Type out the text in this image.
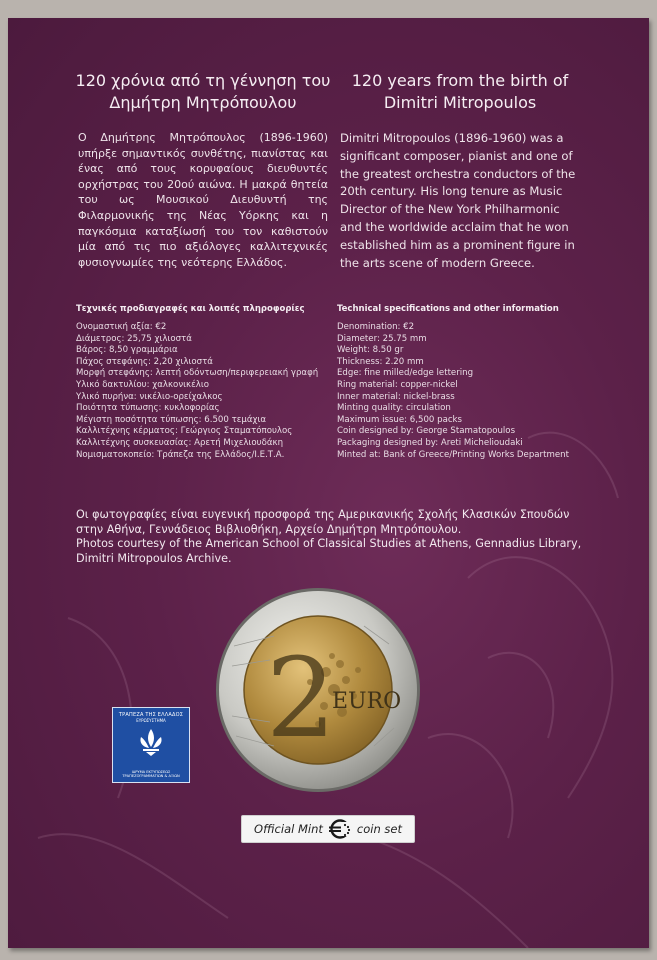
120 χρόνια από τη γέννηση του
Δημήτρη Μητρόπουλου
120 years from the birth of
Dimitri Mitropoulos
Ο Δημήτρης Μητρόπουλος (1896-1960) υπήρξε σημαντικός συνθέτης, πιανίστας και ένας από τους κορυφαίους διευθυντές ορχήστρας του 20ού αιώνα. Η μακρά θητεία του ως Μουσικού Διευθυντή της Φιλαρμονικής της Νέας Υόρκης και η παγκόσμια καταξίωσή του τον καθιστούν μία από τις πιο αξιόλογες καλλιτεχνικές φυσιογνωμίες της νεότερης Ελλάδος.
Dimitri Mitropoulos (1896-1960) was a significant composer, pianist and one of the greatest orchestra conductors of the 20th century. His long tenure as Music Director of the New York Philharmonic and the worldwide acclaim that he won established him as a prominent figure in the arts scene of modern Greece.
Τεχνικές προδιαγραφές και λοιπές πληροφορίες
Ονομαστική αξία: €2
Διάμετρος: 25,75 χιλιοστά
Βάρος: 8,50 γραμμάρια
Πάχος στεφάνης: 2,20 χιλιοστά
Μορφή στεφάνης: λεπτή οδόντωση/περιφερειακή γραφή
Υλικό δακτυλίου: χαλκονικέλιο
Υλικό πυρήνα: νικέλιο-ορείχαλκος
Ποιότητα τύπωσης: κυκλοφορίας
Μέγιστη ποσότητα τύπωσης: 6.500 τεμάχια
Καλλιτέχνης κέρματος: Γεώργιος Σταματόπουλος
Καλλιτέχνης συσκευασίας: Αρετή Μιχελιουδάκη
Νομισματοκοπείο: Τράπεζα της Ελλάδος/Ι.Ε.Τ.Α.
Technical specifications and other information
Denomination: €2
Diameter: 25.75 mm
Weight: 8.50 gr
Thickness: 2.20 mm
Edge: fine milled/edge lettering
Ring material: copper-nickel
Inner material: nickel-brass
Minting quality: circulation
Maximum issue: 6,500 packs
Coin designed by: George Stamatopoulos
Packaging designed by: Areti Michelioudaki
Minted at: Bank of Greece/Printing Works Department

Οι φωτογραφίες είναι ευγενική προσφορά της Αμερικανικής Σχολής Κλασικών Σπουδών στην Αθήνα, Γεννάδειος Βιβλιοθήκη, Αρχείο Δημήτρη Μητρόπουλου.

Photos courtesy of the American School of Classical Studies at Athens, Gennadius Library, Dimitri Mitropoulos Archive.

2
EURO
ΤΡΑΠΕΖΑ ΤΗΣ ΕΛΛΑΔΟΣ
ΕΥΡΩΣΥΣΤΗΜΑ
ΙΔΡΥΜΑ ΕΚΤΥΠΩΣΕΩΣ
ΤΡΑΠΕΖΟΓΡΑΜΜΑΤΙΩΝ & ΑΞΙΩΝ
Official Mint	coin set
